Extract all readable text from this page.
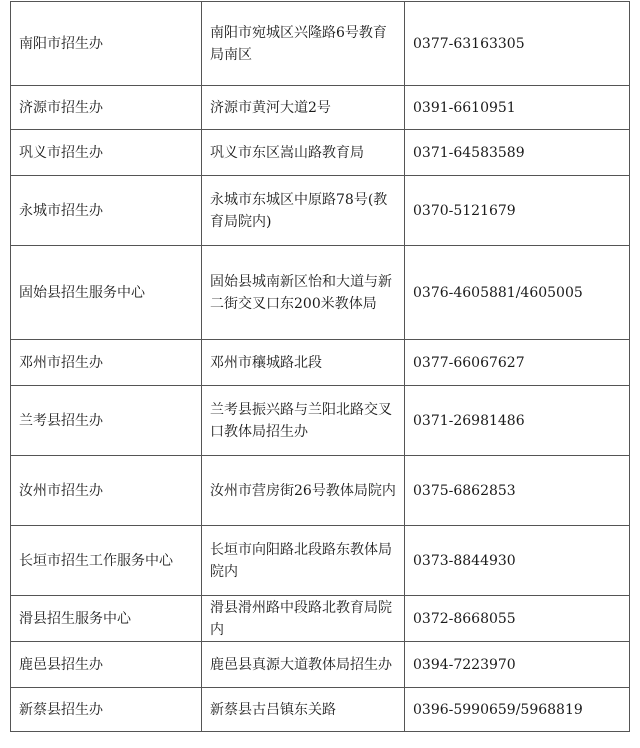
南阳市招生办	南阳市宛城区兴隆路6号教育局南区	0377-63163305
济源市招生办	济源市黄河大道2号	0391-6610951
巩义市招生办	巩义市东区嵩山路教育局	0371-64583589
永城市招生办	永城市东城区中原路78号(教育局院内)	0370-5121679
固始县招生服务中心	固始县城南新区怡和大道与新二街交叉口东200米教体局	0376-4605881/4605005
邓州市招生办	邓州市穰城路北段	0377-66067627
兰考县招生办	兰考县振兴路与兰阳北路交叉口教体局招生办	0371-26981486
汝州市招生办	汝州市营房街26号教体局院内	0375-6862853
长垣市招生工作服务中心	长垣市向阳路北段路东教体局院内	0373-8844930
滑县招生服务中心	滑县滑州路中段路北教育局院内	0372-8668055
鹿邑县招生办	鹿邑县真源大道教体局招生办	0394-7223970
新蔡县招生办	新蔡县古吕镇东关路	0396-5990659/5968819
